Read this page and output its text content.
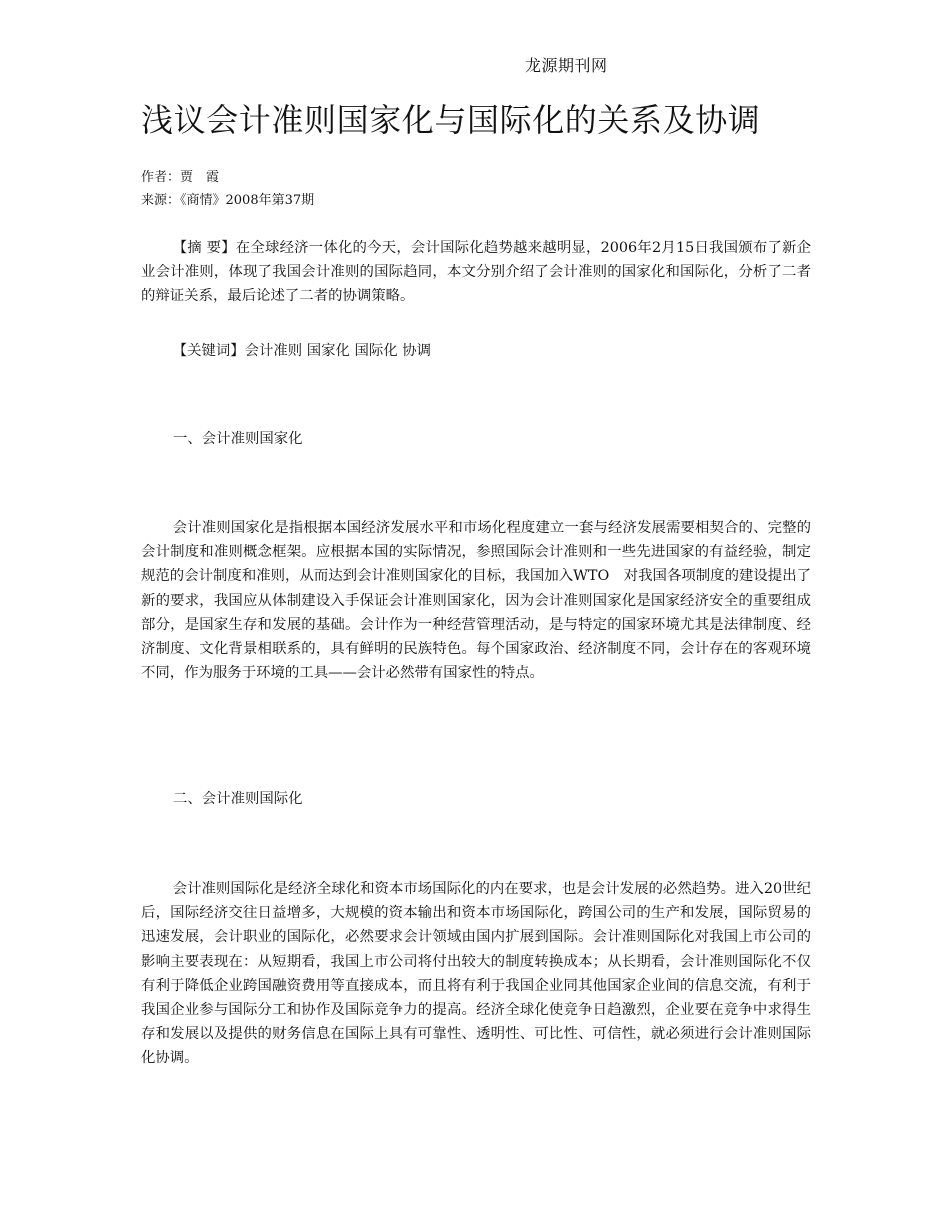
龙源期刊网
浅议会计准则国家化与国际化的关系及协调
作者：贾　霞
来源：《商情》2008年第37期

【摘 要】在全球经济一体化的今天，会计国际化趋势越来越明显，2006年2月15日我国颁布了新企业会计准则，体现了我国会计准则的国际趋同，本文分别介绍了会计准则的国家化和国际化，分析了二者的辩证关系，最后论述了二者的协调策略。

【关键词】会计准则 国家化 国际化 协调

一、会计准则国家化

会计准则国家化是指根据本国经济发展水平和市场化程度建立一套与经济发展需要相契合的、完整的会计制度和准则概念框架。应根据本国的实际情况，参照国际会计准则和一些先进国家的有益经验，制定规范的会计制度和准则，从而达到会计准则国家化的目标，我国加入WTO　对我国各项制度的建设提出了新的要求，我国应从体制建设入手保证会计准则国家化，因为会计准则国家化是国家经济安全的重要组成部分，是国家生存和发展的基础。会计作为一种经营管理活动，是与特定的国家环境尤其是法律制度、经济制度、文化背景相联系的，具有鲜明的民族特色。每个国家政治、经济制度不同，会计存在的客观环境不同，作为服务于环境的工具——会计必然带有国家性的特点。

二、会计准则国际化

会计准则国际化是经济全球化和资本市场国际化的内在要求，也是会计发展的必然趋势。进入20世纪后，国际经济交往日益增多，大规模的资本输出和资本市场国际化，跨国公司的生产和发展，国际贸易的迅速发展，会计职业的国际化，必然要求会计领域由国内扩展到国际。会计准则国际化对我国上市公司的影响主要表现在：从短期看，我国上市公司将付出较大的制度转换成本；从长期看，会计准则国际化不仅有利于降低企业跨国融资费用等直接成本，而且将有利于我国企业同其他国家企业间的信息交流，有利于我国企业参与国际分工和协作及国际竞争力的提高。经济全球化使竞争日趋激烈，企业要在竞争中求得生存和发展以及提供的财务信息在国际上具有可靠性、透明性、可比性、可信性，就必须进行会计准则国际化协调。
